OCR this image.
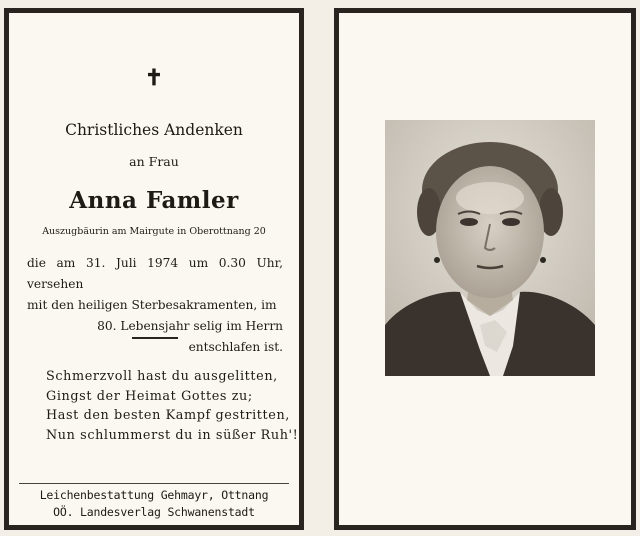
✝
Christliches Andenken
an Frau
Anna Famler
Auszugbäurin am Mairgute in Oberottnang 20
die am 31. Juli 1974 um 0.30 Uhr, versehen
mit den heiligen Sterbesakramenten, im
80. Lebensjahr selig im Herrn entschlafen ist.
Schmerzvoll hast du ausgelitten,
Gingst der Heimat Gottes zu;
Hast den besten Kampf gestritten,
Nun schlummerst du in süßer Ruh'!
Leichenbestattung Gehmayr, Ottnang
OÖ. Landesverlag Schwanenstadt
